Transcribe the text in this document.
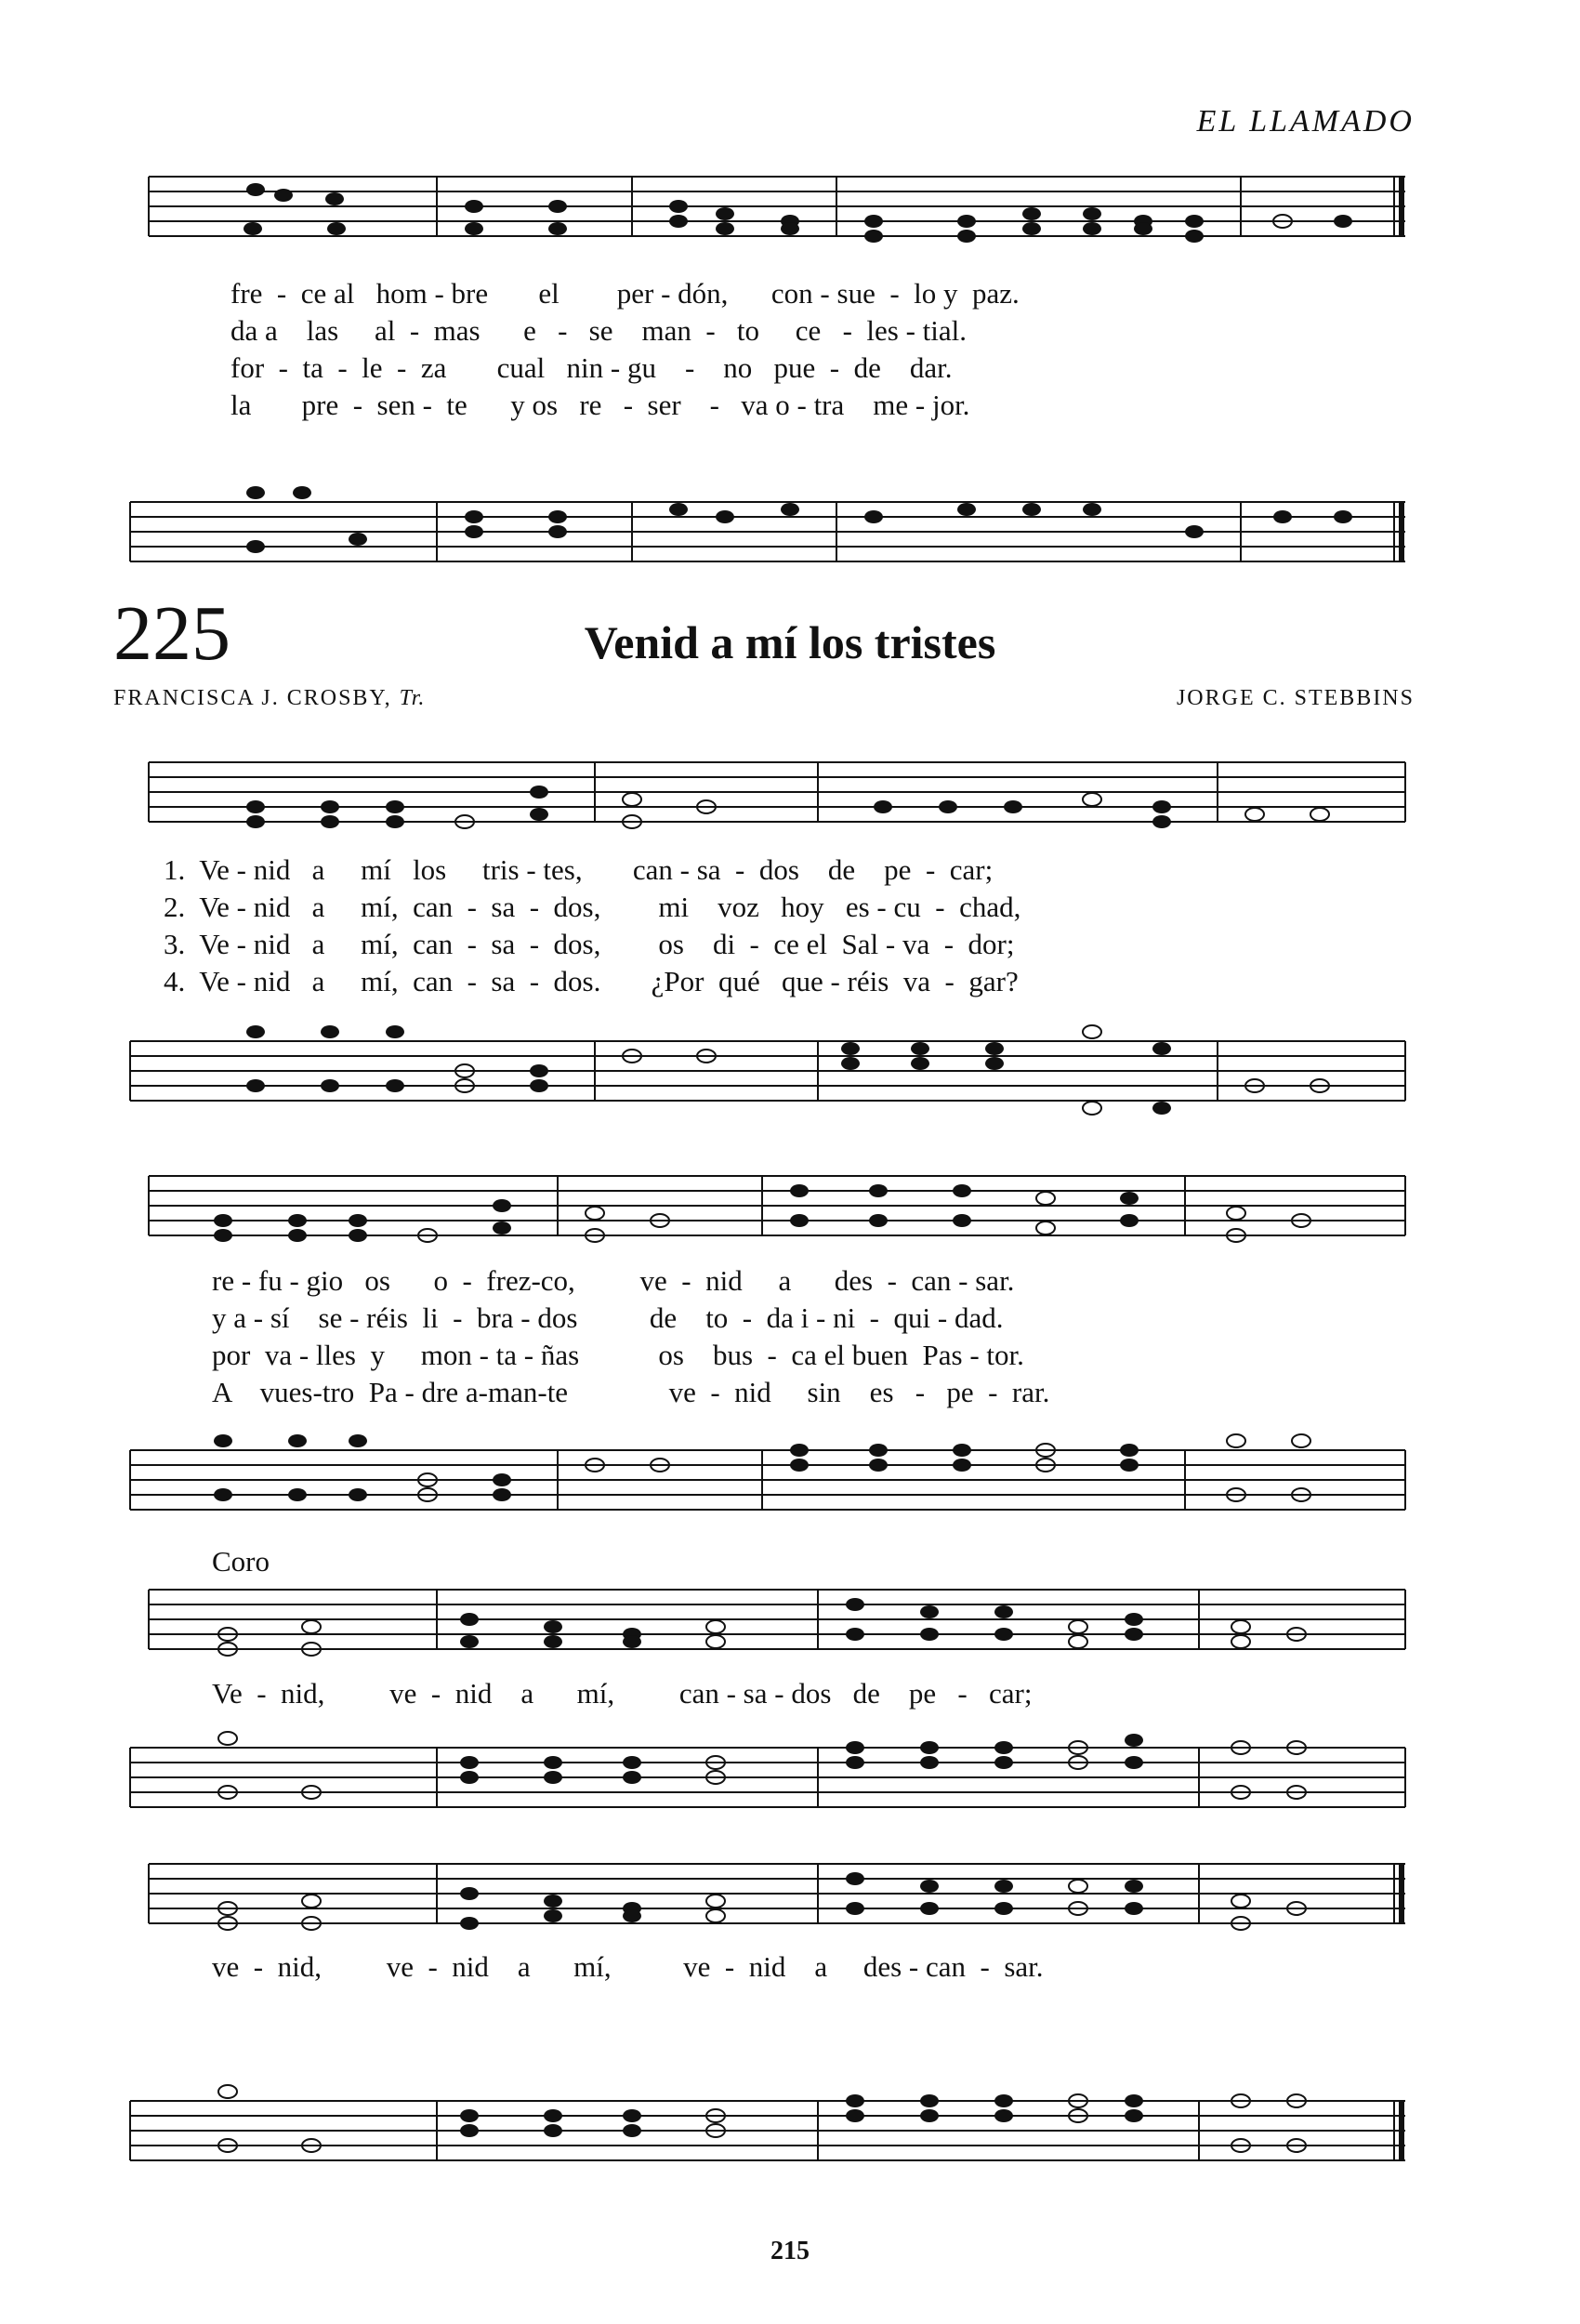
EL LLAMADO
fre  -  ce al   hom - bre       el        per - dón,      con - sue  -  lo y  paz.
da a    las     al  -  mas      e   -   se    man  -   to     ce   -  les - tial.
for  -  ta  -  le  -  za       cual   nin - gu    -    no   pue  -  de    dar.
la       pre  -  sen -  te      y os   re   -  ser    -   va o - tra    me - jor.
225	Venid a mí los tristes
FRANCISCA J. CROSBY, Tr.	JORGE C. STEBBINS
1.  Ve - nid   a     mí   los     tris - tes,       can - sa  -  dos    de    pe  -  car;
2.  Ve - nid   a     mí,  can  -  sa  -  dos,        mi    voz   hoy   es - cu  -  chad,
3.  Ve - nid   a     mí,  can  -  sa  -  dos,        os    di  -  ce el  Sal - va  -  dor;
4.  Ve - nid   a     mí,  can  -  sa  -  dos.       ¿Por  qué   que - réis  va  -  gar?
re - fu - gio   os      o  -  frez-co,         ve  -  nid     a      des  -  can - sar.
y a - sí    se - réis  li  -  bra - dos          de    to  -  da i - ni  -  qui - dad.
por  va - lles  y     mon - ta - ñas           os    bus  -  ca el buen  Pas - tor.
A    vues-tro  Pa - dre a-man-te              ve  -  nid     sin    es   -   pe  -  rar.
Coro
Ve  -  nid,         ve  -  nid    a      mí,         can - sa - dos   de    pe   -   car;
ve  -  nid,         ve  -  nid    a      mí,          ve  -  nid    a     des - can  -  sar.
215
